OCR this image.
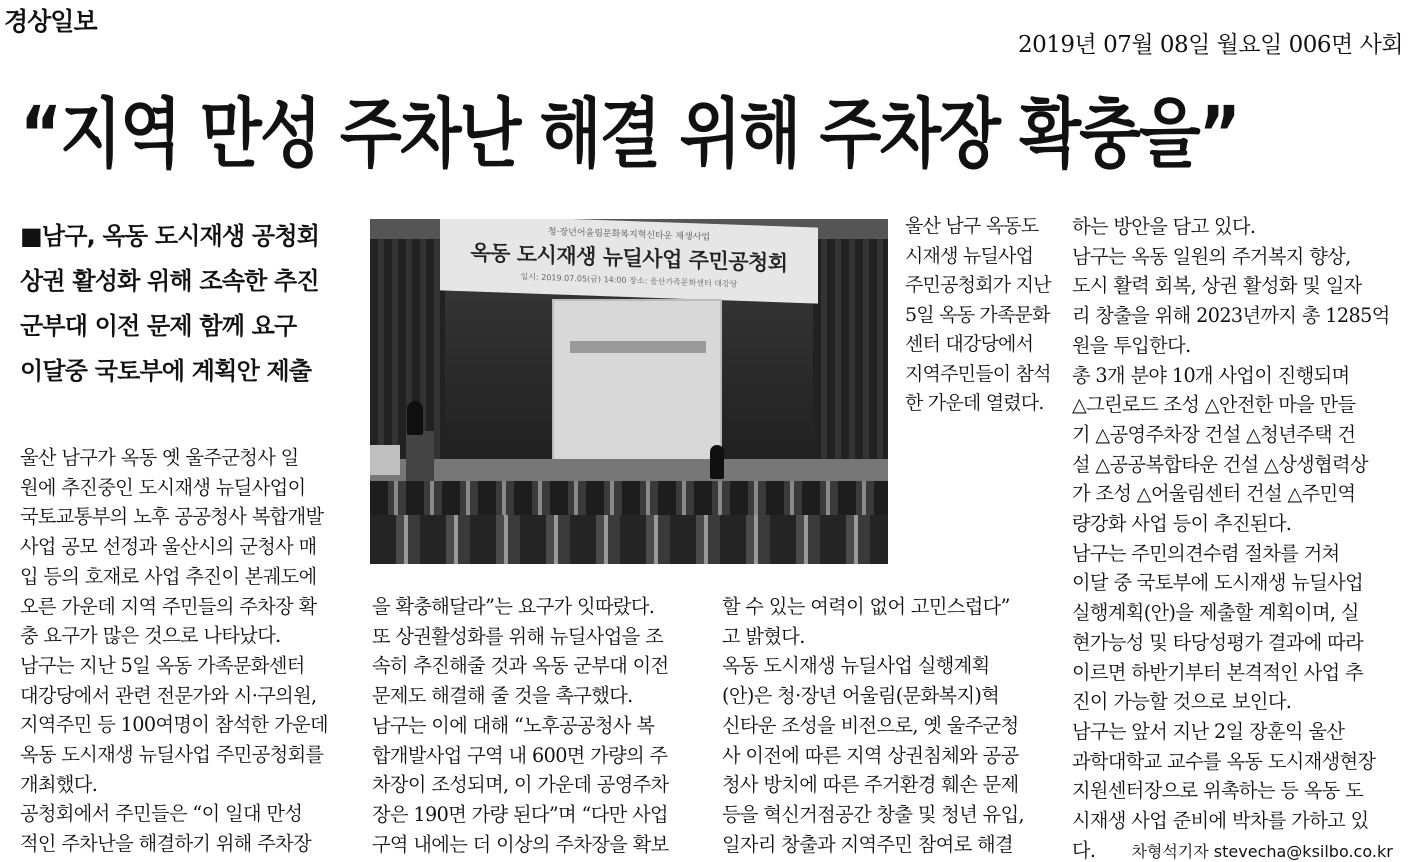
경상일보
2019년 07월 08일 월요일 006면 사회
“지역 만성 주차난 해결 위해 주차장 확충을”
■남구, 옥동 도시재생 공청회
상권 활성화 위해 조속한 추진
군부대 이전 문제 함께 요구
이달중 국토부에 계획안 제출
청·장년어울림문화복지혁신타운 재생사업
옥동 도시재생 뉴딜사업 주민공청회
일시: 2019.07.05(금) 14:00 장소: 울산가족문화센터 대강당
울산 남구 옥동도
시재생 뉴딜사업
주민공청회가 지난
5일 옥동 가족문화
센터 대강당에서
지역주민들이 참석
한 가운데 열렸다.
울산 남구가 옥동 옛 울주군청사 일
원에 추진중인 도시재생 뉴딜사업이
국토교통부의 노후 공공청사 복합개발
사업 공모 선정과 울산시의 군청사 매
입 등의 호재로 사업 추진이 본궤도에
오른 가운데 지역 주민들의 주차장 확
충 요구가 많은 것으로 나타났다.
남구는 지난 5일 옥동 가족문화센터
대강당에서 관련 전문가와 시·구의원,
지역주민 등 100여명이 참석한 가운데
옥동 도시재생 뉴딜사업 주민공청회를
개최했다.
공청회에서 주민들은 “이 일대 만성
적인 주차난을 해결하기 위해 주차장
을 확충해달라”는 요구가 잇따랐다.
또 상권활성화를 위해 뉴딜사업을 조
속히 추진해줄 것과 옥동 군부대 이전
문제도 해결해 줄 것을 촉구했다.
남구는 이에 대해 “노후공공청사 복
합개발사업 구역 내 600면 가량의 주
차장이 조성되며, 이 가운데 공영주차
장은 190면 가량 된다”며 “다만 사업
구역 내에는 더 이상의 주차장을 확보
할 수 있는 여력이 없어 고민스럽다”
고 밝혔다.
옥동 도시재생 뉴딜사업 실행계획
(안)은 청·장년 어울림(문화복지)혁
신타운 조성을 비전으로, 옛 울주군청
사 이전에 따른 지역 상권침체와 공공
청사 방치에 따른 주거환경 훼손 문제
등을 혁신거점공간 창출 및 청년 유입,
일자리 창출과 지역주민 참여로 해결
하는 방안을 담고 있다.
남구는 옥동 일원의 주거복지 향상,
도시 활력 회복, 상권 활성화 및 일자
리 창출을 위해 2023년까지 총 1285억
원을 투입한다.
총 3개 분야 10개 사업이 진행되며
△그린로드 조성 △안전한 마을 만들
기 △공영주차장 건설 △청년주택 건
설 △공공복합타운 건설 △상생협력상
가 조성 △어울림센터 건설 △주민역
량강화 사업 등이 추진된다.
남구는 주민의견수렴 절차를 거쳐
이달 중 국토부에 도시재생 뉴딜사업
실행계획(안)을 제출할 계획이며, 실
현가능성 및 타당성평가 결과에 따라
이르면 하반기부터 본격적인 사업 추
진이 가능할 것으로 보인다.
남구는 앞서 지난 2일 장훈익 울산
과학대학교 교수를 옥동 도시재생현장
지원센터장으로 위촉하는 등 옥동 도
시재생 사업 준비에 박차를 가하고 있
다. 차형석기자 stevecha@ksilbo.co.kr
